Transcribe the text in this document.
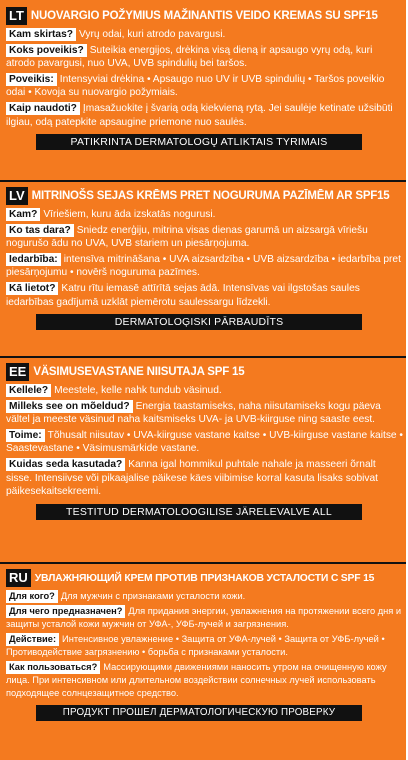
LT NUOVARGIO POŽYMIUS MAŽINANTIS VEIDO KREMAS SU SPF15
Kam skirtas? Vyrų odai, kuri atrodo pavargusi.
Koks poveikis? Suteikia energijos, drėkina visą dieną ir apsaugo vyrų odą, kuri atrodo pavargusi, nuo UVA, UVB spindulių bei taršos.
Poveikis: Intensyviai drėkina • Apsaugo nuo UV ir UVB spindulių • Taršos poveikio odai • Kovoja su nuovargio požymiais.
Kaip naudoti? Įmasažuokite į švarią odą kiekvieną rytą. Jei saulėje ketinate užsibūti ilgiau, odą patepkite apsaugine priemone nuo saulės.
PATIKRINTA DERMATOLOGŲ ATLIKTAIS TYRIMAIS
LV MITRINOŠS SEJAS KRĒMS PRET NOGURUMA PAZĪMĒM AR SPF15
Kam? Vīriešiem, kuru āda izskatās nogurusi.
Ko tas dara? Sniedz enerģiju, mitrina visas dienas garumā un aizsargā vīriešu nogurušo ādu no UVA, UVB stariem un piesārņojuma.
Iedarbība: intensīva mitrināšana • UVA aizsardzība • UVB aizsardzība • iedarbība pret piesārņojumu • novērš noguruma pazīmes.
Kā lietot? Katru rītu iemasē attīrītā sejas ādā. Intensīvas vai ilgstošas saules iedarbības gadījumā uzklāt piemērotu saulessargu līdzekli.
DERMATOLOĢISKI PĀRBAUDĪTS
EE VÄSIMUSEVASTANE NIISUTAJA SPF 15
Kellele? Meestele, kelle nahk tundub väsinud.
Milleks see on mõeldud? Energia taastamiseks, naha niisutamiseks kogu päeva vältel ja meeste väsinud naha kaitsmiseks UVA- ja UVB-kiirguse ning saaste eest.
Toime: Tõhusalt niisutav • UVA-kiirguse vastane kaitse • UVB-kiirguse vastane kaitse • Saastevastane • Väsimusmärkide vastane.
Kuidas seda kasutada? Kanna igal hommikul puhtale nahale ja masseeri õrnalt sisse. Intensiivse või pikaajalise päikese käes viibimise korral kasuta lisaks sobivat päikesekaitsekreemi.
TESTITUD DERMATOLOOGILISE JÄRELEVALVE ALL
RU УВЛАЖНЯЮЩИЙ КРЕМ ПРОТИВ ПРИЗНАКОВ УСТАЛОСТИ С SPF 15
Для кого? Для мужчин с признаками усталости кожи.
Для чего предназначен? Для придания энергии, увлажнения на протяжении всего дня и защиты усталой кожи мужчин от УФА-, УФБ-лучей и загрязнения.
Действие: Интенсивное увлажнение • Защита от УФА-лучей • Защита от УФБ-лучей • Противодействие загрязнению • борьба с признаками усталости.
Как пользоваться? Массирующими движениями наносить утром на очищенную кожу лица. При интенсивном или длительном воздействии солнечных лучей использовать подходящее солнцезащитное средство.
ПРОДУКТ ПРОШЕЛ ДЕРМАТОЛОГИЧЕСКУЮ ПРОВЕРКУ
